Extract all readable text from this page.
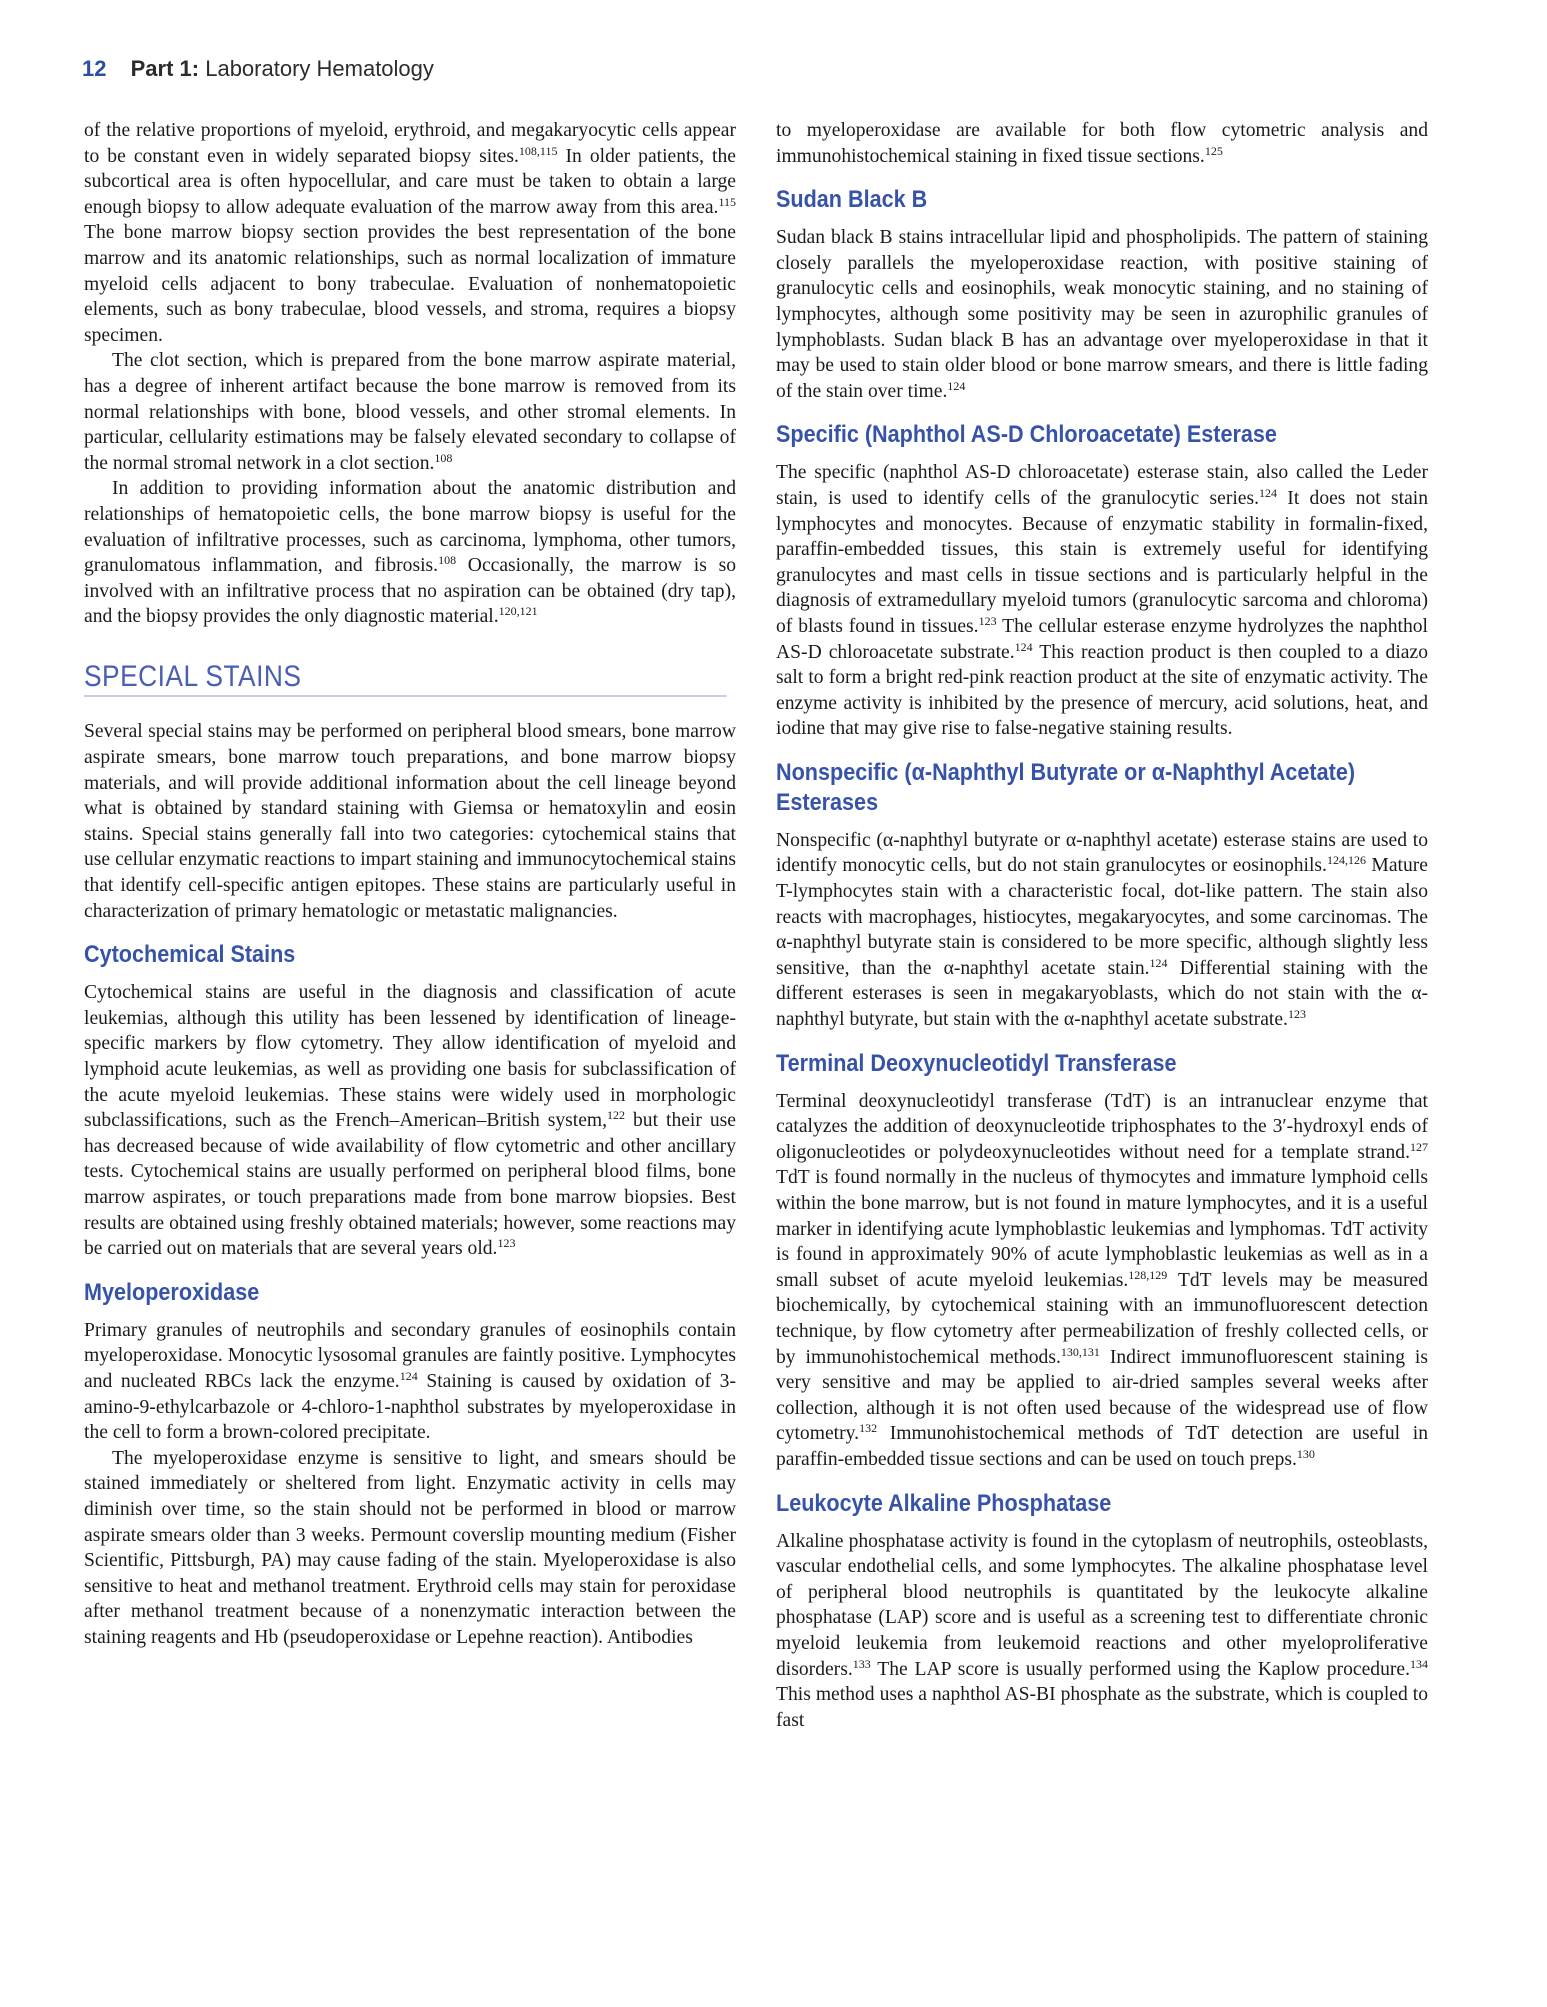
12 Part 1: Laboratory Hematology

of the relative proportions of myeloid, erythroid, and megakaryocytic cells appear to be constant even in widely separated biopsy sites.$^{108,115}$ In older patients, the subcortical area is often hypocellular, and care must be taken to obtain a large enough biopsy to allow adequate evaluation of the marrow away from this area.$^{115}$ The bone marrow biopsy section provides the best representation of the bone marrow and its anatomic relationships, such as normal localization of immature myeloid cells adjacent to bony trabeculae. Evaluation of nonhematopoietic elements, such as bony trabeculae, blood vessels, and stroma, requires a biopsy specimen.

The clot section, which is prepared from the bone marrow aspirate material, has a degree of inherent artifact because the bone marrow is removed from its normal relationships with bone, blood vessels, and other stromal elements. In particular, cellularity estimations may be falsely elevated secondary to collapse of the normal stromal network in a clot section.$^{108}$

In addition to providing information about the anatomic distribution and relationships of hematopoietic cells, the bone marrow biopsy is useful for the evaluation of infiltrative processes, such as carcinoma, lymphoma, other tumors, granulomatous inflammation, and fibrosis.$^{108}$ Occasionally, the marrow is so involved with an infiltrative process that no aspiration can be obtained (dry tap), and the biopsy provides the only diagnostic material.$^{120,121}$

SPECIAL STAINS

Several special stains may be performed on peripheral blood smears, bone marrow aspirate smears, bone marrow touch preparations, and bone marrow biopsy materials, and will provide additional information about the cell lineage beyond what is obtained by standard staining with Giemsa or hematoxylin and eosin stains. Special stains generally fall into two categories: cytochemical stains that use cellular enzymatic reactions to impart staining and immunocytochemical stains that identify cell-specific antigen epitopes. These stains are particularly useful in characterization of primary hematologic or metastatic malignancies.

Cytochemical Stains

Cytochemical stains are useful in the diagnosis and classification of acute leukemias, although this utility has been lessened by identification of lineage-specific markers by flow cytometry. They allow identification of myeloid and lymphoid acute leukemias, as well as providing one basis for subclassification of the acute myeloid leukemias. These stains were widely used in morphologic subclassifications, such as the French–American–British system,$^{122}$ but their use has decreased because of wide availability of flow cytometric and other ancillary tests. Cytochemical stains are usually performed on peripheral blood films, bone marrow aspirates, or touch preparations made from bone marrow biopsies. Best results are obtained using freshly obtained materials; however, some reactions may be carried out on materials that are several years old.$^{123}$

Myeloperoxidase

Primary granules of neutrophils and secondary granules of eosinophils contain myeloperoxidase. Monocytic lysosomal granules are faintly positive. Lymphocytes and nucleated RBCs lack the enzyme.$^{124}$ Staining is caused by oxidation of 3-amino-9-ethylcarbazole or 4-chloro-1-naphthol substrates by myeloperoxidase in the cell to form a brown-colored precipitate.

The myeloperoxidase enzyme is sensitive to light, and smears should be stained immediately or sheltered from light. Enzymatic activity in cells may diminish over time, so the stain should not be performed in blood or marrow aspirate smears older than 3 weeks. Permount coverslip mounting medium (Fisher Scientific, Pittsburgh, PA) may cause fading of the stain. Myeloperoxidase is also sensitive to heat and methanol treatment. Erythroid cells may stain for peroxidase after methanol treatment because of a nonenzymatic interaction between the staining reagents and Hb (pseudoperoxidase or Lepehne reaction). Antibodies

to myeloperoxidase are available for both flow cytometric analysis and immunohistochemical staining in fixed tissue sections.$^{125}$

Sudan Black B

Sudan black B stains intracellular lipid and phospholipids. The pattern of staining closely parallels the myeloperoxidase reaction, with positive staining of granulocytic cells and eosinophils, weak monocytic staining, and no staining of lymphocytes, although some positivity may be seen in azurophilic granules of lymphoblasts. Sudan black B has an advantage over myeloperoxidase in that it may be used to stain older blood or bone marrow smears, and there is little fading of the stain over time.$^{124}$

Specific (Naphthol AS-D Chloroacetate) Esterase

The specific (naphthol AS-D chloroacetate) esterase stain, also called the Leder stain, is used to identify cells of the granulocytic series.$^{124}$ It does not stain lymphocytes and monocytes. Because of enzymatic stability in formalin-fixed, paraffin-embedded tissues, this stain is extremely useful for identifying granulocytes and mast cells in tissue sections and is particularly helpful in the diagnosis of extramedullary myeloid tumors (granulocytic sarcoma and chloroma) of blasts found in tissues.$^{123}$ The cellular esterase enzyme hydrolyzes the naphthol AS-D chloroacetate substrate.$^{124}$ This reaction product is then coupled to a diazo salt to form a bright red-pink reaction product at the site of enzymatic activity. The enzyme activity is inhibited by the presence of mercury, acid solutions, heat, and iodine that may give rise to false-negative staining results.

Nonspecific (α-Naphthyl Butyrate or α-Naphthyl Acetate) Esterases

Nonspecific (α-naphthyl butyrate or α-naphthyl acetate) esterase stains are used to identify monocytic cells, but do not stain granulocytes or eosinophils.$^{124,126}$ Mature T-lymphocytes stain with a characteristic focal, dot-like pattern. The stain also reacts with macrophages, histiocytes, megakaryocytes, and some carcinomas. The α-naphthyl butyrate stain is considered to be more specific, although slightly less sensitive, than the α-naphthyl acetate stain.$^{124}$ Differential staining with the different esterases is seen in megakaryoblasts, which do not stain with the α-naphthyl butyrate, but stain with the α-naphthyl acetate substrate.$^{123}$

Terminal Deoxynucleotidyl Transferase

Terminal deoxynucleotidyl transferase (TdT) is an intranuclear enzyme that catalyzes the addition of deoxynucleotide triphosphates to the 3′-hydroxyl ends of oligonucleotides or polydeoxynucleotides without need for a template strand.$^{127}$ TdT is found normally in the nucleus of thymocytes and immature lymphoid cells within the bone marrow, but is not found in mature lymphocytes, and it is a useful marker in identifying acute lymphoblastic leukemias and lymphomas. TdT activity is found in approximately 90% of acute lymphoblastic leukemias as well as in a small subset of acute myeloid leukemias.$^{128,129}$ TdT levels may be measured biochemically, by cytochemical staining with an immunofluorescent detection technique, by flow cytometry after permeabilization of freshly collected cells, or by immunohistochemical methods.$^{130,131}$ Indirect immunofluorescent staining is very sensitive and may be applied to air-dried samples several weeks after collection, although it is not often used because of the widespread use of flow cytometry.$^{132}$ Immunohistochemical methods of TdT detection are useful in paraffin-embedded tissue sections and can be used on touch preps.$^{130}$

Leukocyte Alkaline Phosphatase

Alkaline phosphatase activity is found in the cytoplasm of neutrophils, osteoblasts, vascular endothelial cells, and some lymphocytes. The alkaline phosphatase level of peripheral blood neutrophils is quantitated by the leukocyte alkaline phosphatase (LAP) score and is useful as a screening test to differentiate chronic myeloid leukemia from leukemoid reactions and other myeloproliferative disorders.$^{133}$ The LAP score is usually performed using the Kaplow procedure.$^{134}$ This method uses a naphthol AS-BI phosphate as the substrate, which is coupled to fast
